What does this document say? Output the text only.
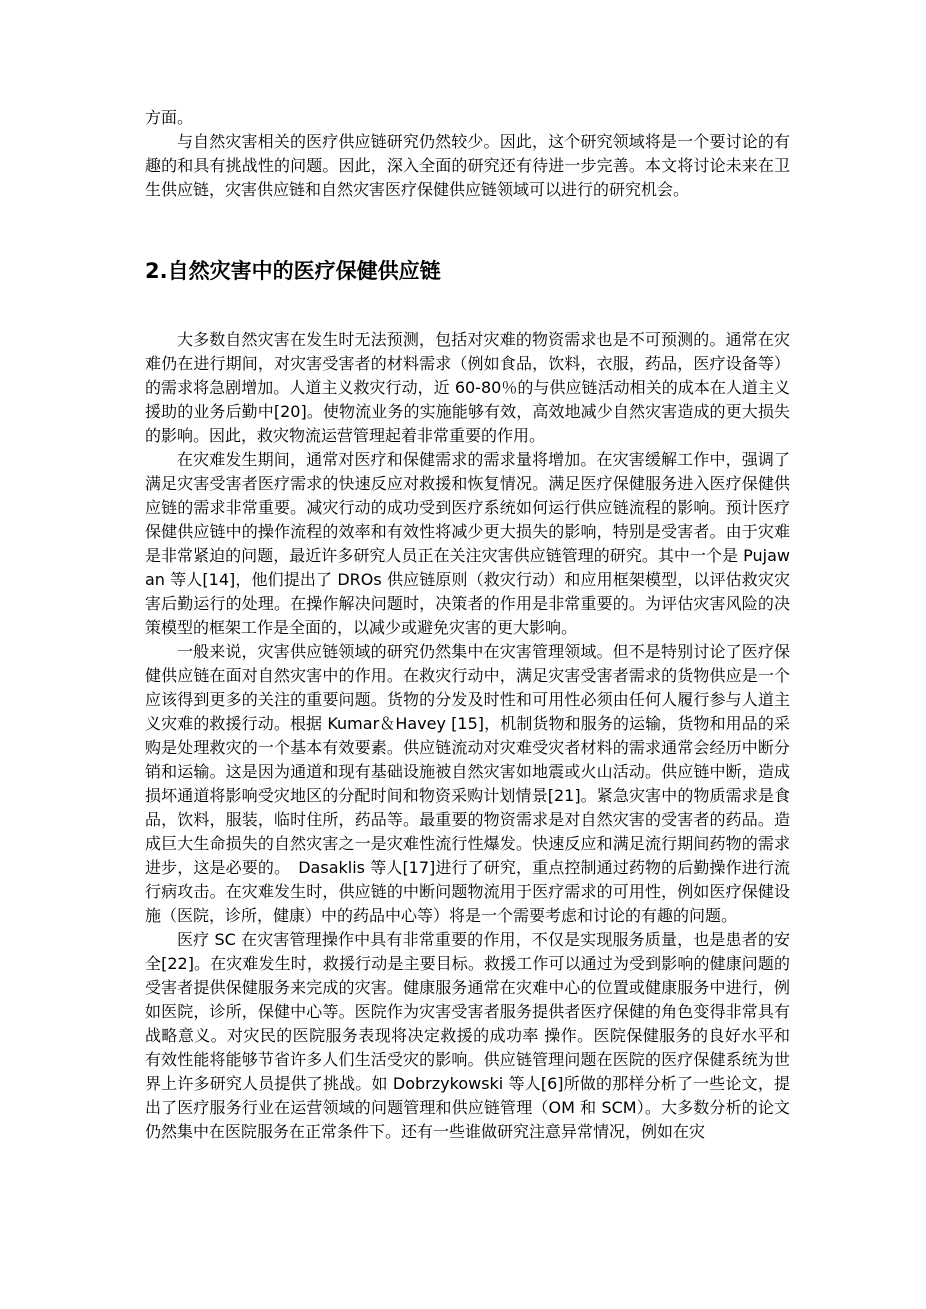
方面。

与自然灾害相关的医疗供应链研究仍然较少。因此，这个研究领域将是一个要讨论的有趣的和具有挑战性的问题。因此，深入全面的研究还有待进一步完善。本文将讨论未来在卫生供应链，灾害供应链和自然灾害医疗保健供应链领域可以进行的研究机会。

2.自然灾害中的医疗保健供应链

大多数自然灾害在发生时无法预测，包括对灾难的物资需求也是不可预测的。通常在灾难仍在进行期间，对灾害受害者的材料需求（例如食品，饮料，衣服，药品，医疗设备等）的需求将急剧增加。人道主义救灾行动，近 60-80％的与供应链活动相关的成本在人道主义援助的业务后勤中[20]。使物流业务的实施能够有效，高效地减少自然灾害造成的更大损失的影响。因此，救灾物流运营管理起着非常重要的作用。

在灾难发生期间，通常对医疗和保健需求的需求量将增加。在灾害缓解工作中，强调了满足灾害受害者医疗需求的快速反应对救援和恢复情况。满足医疗保健服务进入医疗保健供应链的需求非常重要。减灾行动的成功受到医疗系统如何运行供应链流程的影响。预计医疗保健供应链中的操作流程的效率和有效性将减少更大损失的影响，特别是受害者。由于灾难是非常紧迫的问题，最近许多研究人员正在关注灾害供应链管理的研究。其中一个是 Pujawan 等人[14]，他们提出了 DROs 供应链原则（救灾行动）和应用框架模型，以评估救灾灾害后勤运行的处理。在操作解决问题时，决策者的作用是非常重要的。为评估灾害风险的决策模型的框架工作是全面的，以减少或避免灾害的更大影响。

一般来说，灾害供应链领域的研究仍然集中在灾害管理领域。但不是特别讨论了医疗保健供应链在面对自然灾害中的作用。在救灾行动中，满足灾害受害者需求的货物供应是一个应该得到更多的关注的重要问题。货物的分发及时性和可用性必须由任何人履行参与人道主义灾难的救援行动。根据 Kumar＆Havey [15]，机制货物和服务的运输，货物和用品的采购是处理救灾的一个基本有效要素。供应链流动对灾难受灾者材料的需求通常会经历中断分销和运输。这是因为通道和现有基础设施被自然灾害如地震或火山活动。供应链中断，造成损坏通道将影响受灾地区的分配时间和物资采购计划情景[21]。紧急灾害中的物质需求是食品，饮料，服装，临时住所，药品等。最重要的物资需求是对自然灾害的受害者的药品。造成巨大生命损失的自然灾害之一是灾难性流行性爆发。快速反应和满足流行期间药物的需求进步，这是必要的。　Dasaklis 等人[17]进行了研究，重点控制通过药物的后勤操作进行流行病攻击。在灾难发生时，供应链的中断问题物流用于医疗需求的可用性，例如医疗保健设施（医院，诊所，健康）中的药品中心等）将是一个需要考虑和讨论的有趣的问题。

医疗 SC 在灾害管理操作中具有非常重要的作用，不仅是实现服务质量，也是患者的安全[22]。在灾难发生时，救援行动是主要目标。救援工作可以通过为受到影响的健康问题的受害者提供保健服务来完成的灾害。健康服务通常在灾难中心的位置或健康服务中进行，例如医院，诊所，保健中心等。医院作为灾害受害者服务提供者医疗保健的角色变得非常具有战略意义。对灾民的医院服务表现将决定救援的成功率 操作。医院保健服务的良好水平和有效性能将能够节省许多人们生活受灾的影响。供应链管理问题在医院的医疗保健系统为世界上许多研究人员提供了挑战。如 Dobrzykowski 等人[6]所做的那样分析了一些论文，提出了医疗服务行业在运营领域的问题管理和供应链管理（OM 和 SCM）。大多数分析的论文仍然集中在医院服务在正常条件下。还有一些谁做研究注意异常情况，例如在灾
